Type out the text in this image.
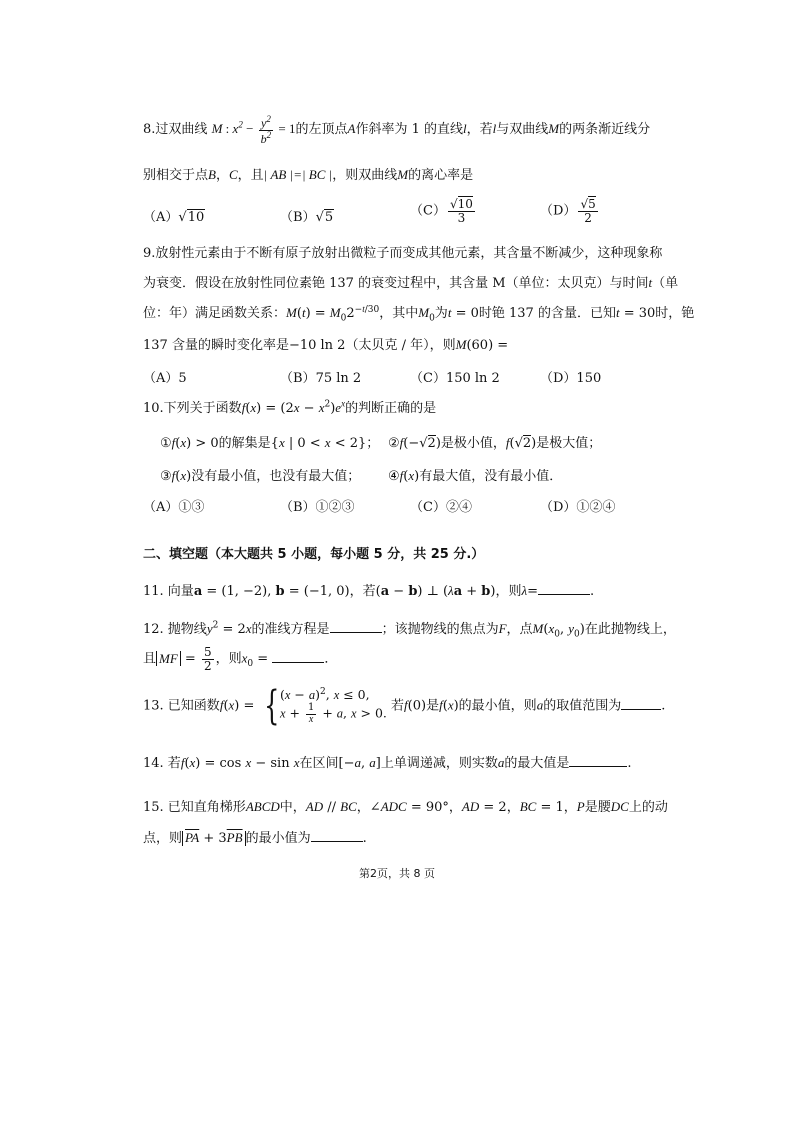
8.过双曲线 M : $x^2 - \frac{y^2}{b^2} = 1$的左顶点A作斜率为 1 的直线l，若l与双曲线M的两条渐近线分
别相交于点B，C，且| AB |=| BC |，则双曲线M的离心率是
（A）√10	（B）√5	$(C) \frac{√10}{3}$	$(D) \frac{√5}{2}$
9.放射性元素由于不断有原子放射出微粒子而变成其他元素，其含量不断减少，这种现象称
为衰变．假设在放射性同位素铯 137 的衰变过程中，其含量 M（单位：太贝克）与时间t（单
位：年）满足函数关系：$M(t) = M_02^{-t/30}$，其中$M_0$为t = 0时铯 137 的含量．已知t = 30时，铯
137 含量的瞬时变化率是−10 ln 2（太贝克 / 年），则M(60) =
（A）5	（B）75 ln 2	（C）150 ln 2	（D）150
10.下列关于函数$f(x) = (2x - x^2)e^x$的判断正确的是
①f(x) > 0的解集是{x | 0 < x < 2}； ②f(−√2)是极小值，f(√2)是极大值；
③f(x)没有最小值，也没有最大值； ④f(x)有最大值，没有最小值．
（A）①③	（B）①②③	（C）②④	（D）①②④
二、填空题（本大题共 5 小题，每小题 5 分，共 25 分.）
11. 向量a = (1, −2), b = (−1, 0)，若(a − b) ⊥ (λa + b)，则λ=	.
12. 抛物线$y^2 = 2x$的准线方程是	；该抛物线的焦点为F，点$M(x_0$, $y_0$)在此抛物线上，
且 MF = $\frac{5}{2}$ ，则$x_0$ =	．
13. 已知函数f(x) = { $(x - a)^2$, x ≤ 0,
$x + \frac{1}{x} + a$, x > 0. 若f(0)是f(x)的最小值，则a的取值范围为	.
14. 若f(x) = cos x − sin x在区间[−a, a]上单调递减，则实数a的最大值是	.
15. 已知直角梯形ABCD中，AD // BC，∠ADC = 90°，AD = 2，BC = 1，P是腰DC上的动
点，则 $\overline{PA} + 3\overline{PB}$ 的最小值为	.
第2页，共 8 页
